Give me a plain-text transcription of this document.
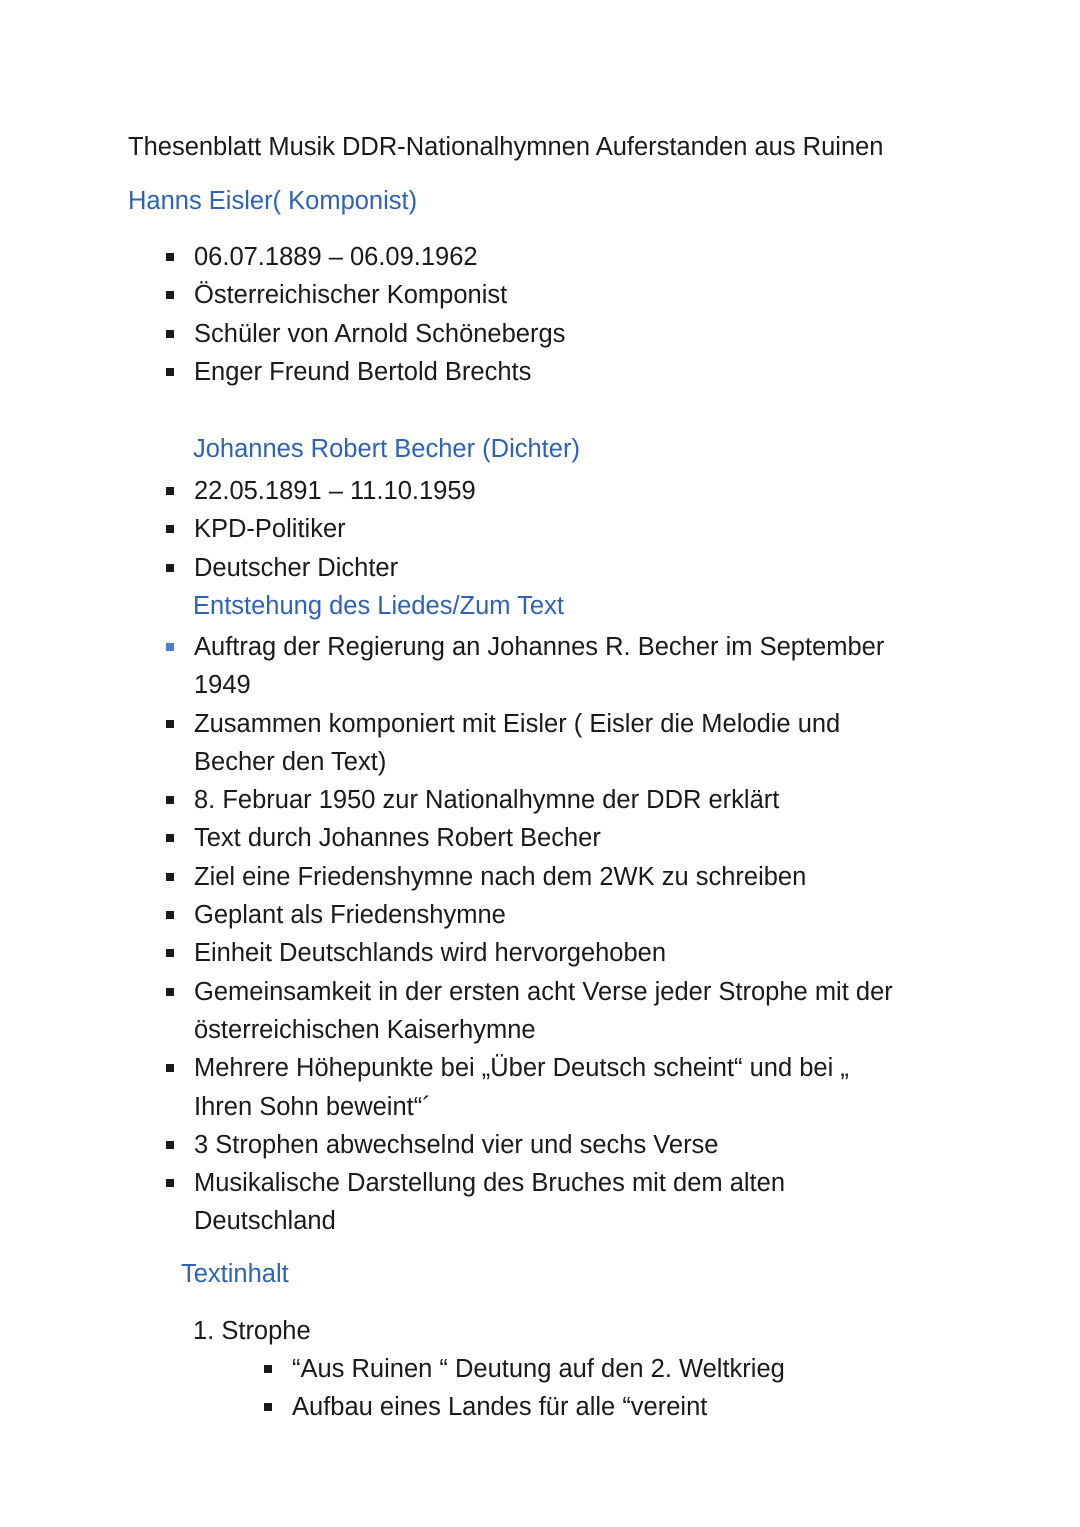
Thesenblatt Musik DDR-Nationalhymnen Auferstanden aus Ruinen
Hanns Eisler( Komponist)
06.07.1889 – 06.09.1962
Österreichischer Komponist
Schüler von Arnold Schönebergs
Enger Freund Bertold Brechts
Johannes Robert Becher (Dichter)
22.05.1891 – 11.10.1959
KPD-Politiker
Deutscher Dichter
Entstehung des Liedes/Zum Text
Auftrag der Regierung an Johannes R. Becher im September
1949
Zusammen komponiert mit Eisler ( Eisler die Melodie und
Becher den Text)
8. Februar 1950 zur Nationalhymne der DDR erklärt
Text durch Johannes Robert Becher
Ziel eine Friedenshymne nach dem 2WK zu schreiben
Geplant als Friedenshymne
Einheit Deutschlands wird hervorgehoben
Gemeinsamkeit in der ersten acht Verse jeder Strophe mit der
österreichischen Kaiserhymne
Mehrere Höhepunkte bei „Über Deutsch scheint“ und bei „
Ihren Sohn beweint“´
3 Strophen abwechselnd vier und sechs Verse
Musikalische Darstellung des Bruches mit dem alten
Deutschland
Textinhalt
1. Strophe
“Aus Ruinen “ Deutung auf den 2. Weltkrieg
Aufbau eines Landes für alle “vereint
